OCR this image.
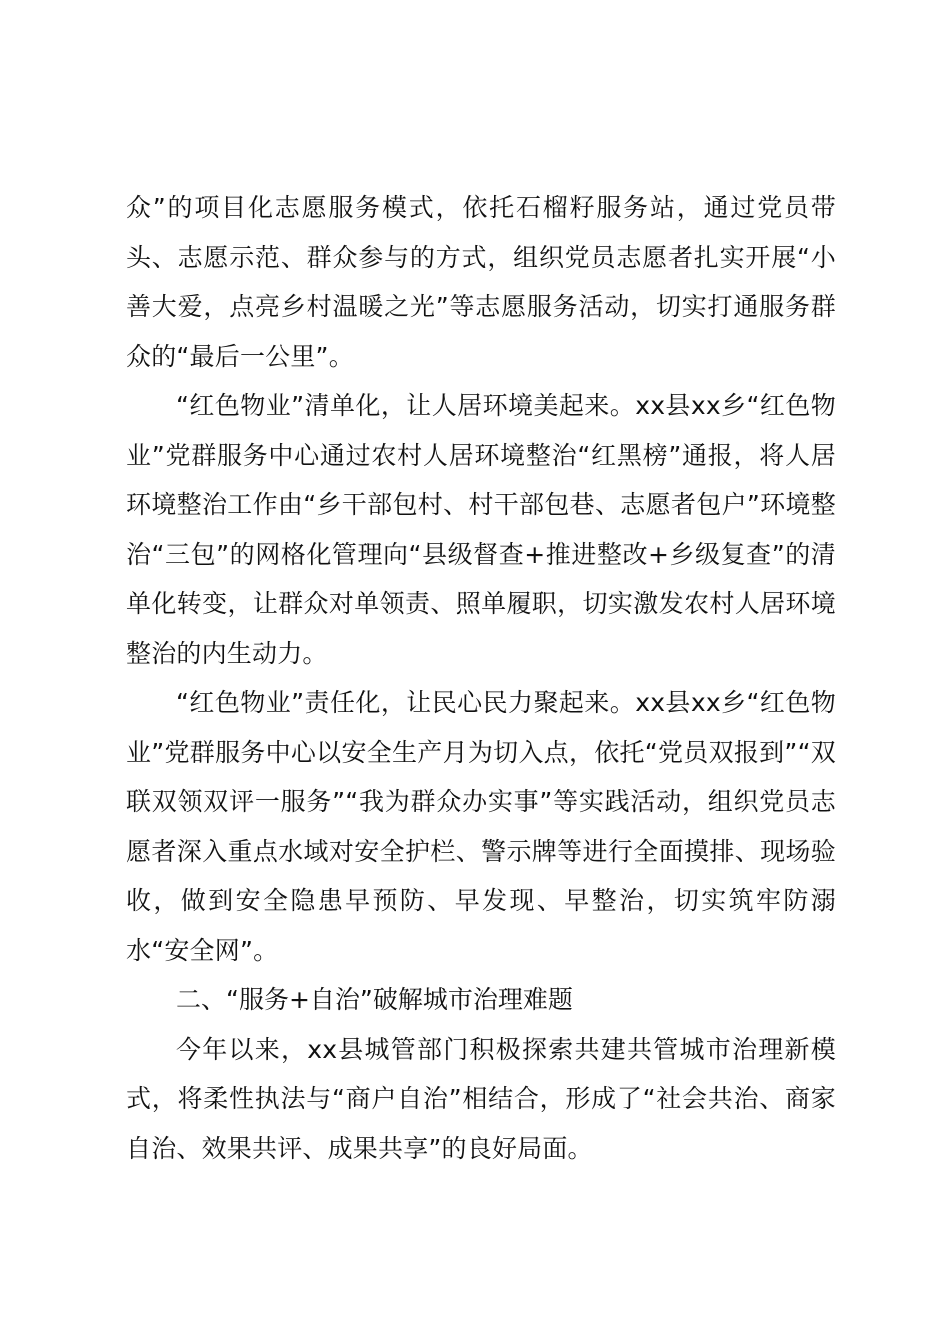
众”的项目化志愿服务模式，依托石榴籽服务站，通过党员带头、志愿示范、群众参与的方式，组织党员志愿者扎实开展“小善大爱，点亮乡村温暖之光”等志愿服务活动，切实打通服务群众的“最后一公里”。

“红色物业”清单化，让人居环境美起来。xx县xx乡“红色物业”党群服务中心通过农村人居环境整治“红黑榜”通报，将人居环境整治工作由“乡干部包村、村干部包巷、志愿者包户”环境整治“三包”的网格化管理向“县级督查+推进整改+乡级复查”的清单化转变，让群众对单领责、照单履职，切实激发农村人居环境整治的内生动力。

“红色物业”责任化，让民心民力聚起来。xx县xx乡“红色物业”党群服务中心以安全生产月为切入点，依托“党员双报到”“双联双领双评一服务”“我为群众办实事”等实践活动，组织党员志愿者深入重点水域对安全护栏、警示牌等进行全面摸排、现场验收，做到安全隐患早预防、早发现、早整治，切实筑牢防溺水“安全网”。

二、“服务+自治”破解城市治理难题

今年以来，xx县城管部门积极探索共建共管城市治理新模式，将柔性执法与“商户自治”相结合，形成了“社会共治、商家自治、效果共评、成果共享”的良好局面。
